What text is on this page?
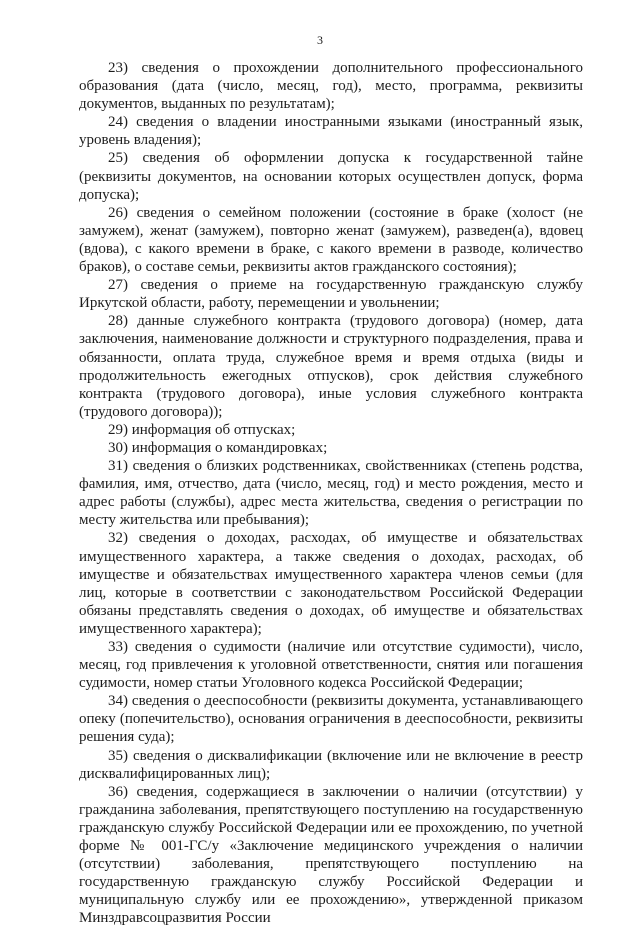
3

23) сведения о прохождении дополнительного профессионального образования (дата (число, месяц, год), место, программа, реквизиты документов, выданных по результатам);

24) сведения о владении иностранными языками (иностранный язык, уровень владения);

25) сведения об оформлении допуска к государственной тайне (реквизиты документов, на основании которых осуществлен допуск, форма допуска);

26) сведения о семейном положении (состояние в браке (холост (не замужем), женат (замужем), повторно женат (замужем), разведен(а), вдовец (вдова), с какого времени в браке, с какого времени в разводе, количество браков), о составе семьи, реквизиты актов гражданского состояния);

27) сведения о приеме на государственную гражданскую службу Иркутской области, работу, перемещении и увольнении;

28) данные служебного контракта (трудового договора) (номер, дата заключения, наименование должности и структурного подразделения, права и обязанности, оплата труда, служебное время и время отдыха (виды и продолжительность ежегодных отпусков), срок действия служебного контракта (трудового договора), иные условия служебного контракта (трудового договора));

29) информация об отпусках;

30) информация о командировках;

31) сведения о близких родственниках, свойственниках (степень родства, фамилия, имя, отчество, дата (число, месяц, год) и место рождения, место и адрес работы (службы), адрес места жительства, сведения о регистрации по месту жительства или пребывания);

32) сведения о доходах, расходах, об имуществе и обязательствах имущественного характера, а также сведения о доходах, расходах, об имуществе и обязательствах имущественного характера членов семьи (для лиц, которые в соответствии с законодательством Российской Федерации обязаны представлять сведения о доходах, об имуществе и обязательствах имущественного характера);

33) сведения о судимости (наличие или отсутствие судимости), число, месяц, год привлечения к уголовной ответственности, снятия или погашения судимости, номер статьи Уголовного кодекса Российской Федерации;

34) сведения о дееспособности (реквизиты документа, устанавливающего опеку (попечительство), основания ограничения в дееспособности, реквизиты решения суда);

35) сведения о дисквалификации (включение или не включение в реестр дисквалифицированных лиц);

36) сведения, содержащиеся в заключении о наличии (отсутствии) у гражданина заболевания, препятствующего поступлению на государственную гражданскую службу Российской Федерации или ее прохождению, по учетной форме № 001-ГС/у «Заключение медицинского учреждения о наличии (отсутствии) заболевания, препятствующего поступлению на государственную гражданскую службу Российской Федерации и муниципальную службу или ее прохождению», утвержденной приказом Минздравсоцразвития России
